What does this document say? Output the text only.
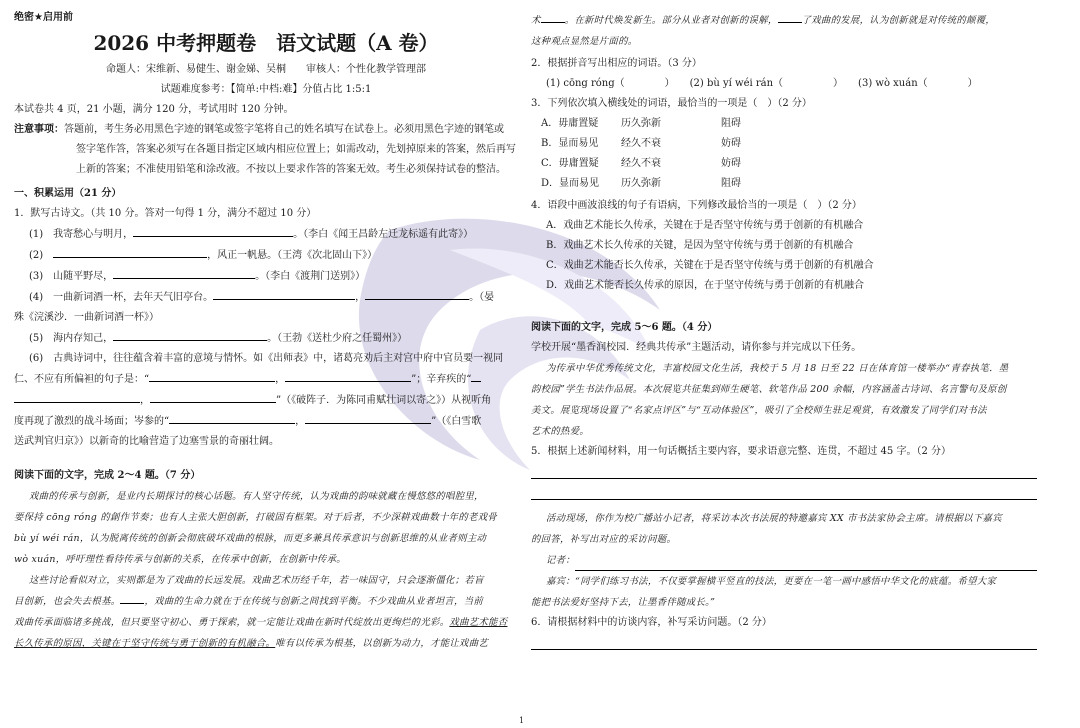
绝密★启用前
2026 中考押题卷　语文试题（A 卷）
命题人：宋维新、易健生、谢金娣、吴桐　　审核人：个性化教学管理部
试题难度参考：【简单:中档:难】分值占比 1:5:1
本试卷共 4 页，21 小题，满分 120 分，考试用时 120 分钟。
注意事项：答题前，考生务必用黑色字迹的钢笔或签字笔将自己的姓名填写在试卷上。必须用黑色字迹的钢笔或
签字笔作答，答案必须写在各题目指定区域内相应位置上；如需改动，先划掉原来的答案，然后再写
上新的答案；不准使用铅笔和涂改液。不按以上要求作答的答案无效。考生必须保持试卷的整洁。
一、积累运用（21 分）
1．默写古诗文。（共 10 分。答对一句得 1 分，满分不超过 10 分）
(1)　我寄愁心与明月，	。（李白《闻王昌龄左迁龙标遥有此寄》）
(2)　	，风正一帆悬。（王湾《次北固山下》）
(3)　山随平野尽，	。（李白《渡荆门送别》）
(4)　一曲新词酒一杯，去年天气旧亭台。	，	。（晏
殊《浣溪沙．一曲新词酒一杯》）
(5)　海内存知己，	。（王勃《送杜少府之任蜀州》）
(6)　古典诗词中，往往蕴含着丰富的意境与情怀。如《出师表》中，诸葛亮劝后主对宫中府中官员要一视同
仁、不应有所偏袒的句子是：“	，	”；辛弃疾的“
，	”（《破阵子．为陈同甫赋壮词以寄之》）从视听角
度再现了激烈的战斗场面；岑参的“	，	”（《白雪歌
送武判官归京》）以新奇的比喻营造了边塞雪景的奇丽壮阔。
阅读下面的文字，完成 2～4 题。（7 分）
戏曲的传承与创新，是业内长期探讨的核心话题。有人坚守传统，认为戏曲的韵味就藏在慢悠悠的唱腔里，
要保持 cōng róng 的創作节奏；也有人主张大胆创新，打破固有框架。对于后者，不少深耕戏曲数十年的老戏骨
bù yí wéi rán，认为脱离传统的创新会彻底破坏戏曲的根脉，而更多兼具传承意识与创新思维的从业者则主动
wò xuán，呼吁理性看待传承与创新的关系，在传承中创新，在创新中传承。
这些讨论看似对立，实则都是为了戏曲的长远发展。戏曲艺术历经千年，若一味固守，只会逐渐僵化；若盲
目创新，也会失去根基。	，戏曲的生命力就在于在传统与创新之间找到平衡。不少戏曲从业者坦言，当前
戏曲传承面临诸多挑战，但只要坚守初心、勇于探索，就一定能让戏曲在新时代绽放出更绚烂的光彩。戏曲艺术能否
长久传承的原因，关键在于坚守传统与勇于创新的有机融合。唯有以传承为根基，以创新为动力，才能让戏曲艺
术	。在新时代焕发新生。部分从业者对创新的误解，	了戏曲的发展，认为创新就是对传统的颠覆，
这种观点显然是片面的。
2．根据拼音写出相应的词语。（3 分）
(1) cōng róng（　　　　）　　(2) bù yí wéi rán（　　　　　）　　(3) wò xuán（　　　　）
3．下列依次填入横线处的词语，最恰当的一项是（　）（2 分）
A．毋庸置疑	历久弥新	阻碍
B．显而易见	经久不衰	妨碍
C．毋庸置疑	经久不衰	妨碍
D．显而易见	历久弥新	阻碍
4．语段中画波浪线的句子有语病，下列修改最恰当的一项是（　）（2 分）
A．戏曲艺术能长久传承，关键在于是否坚守传统与勇于创新的有机融合
B．戏曲艺术长久传承的关键，是因为坚守传统与勇于创新的有机融合
C．戏曲艺术能否长久传承，关键在于是否坚守传统与勇于创新的有机融合
D．戏曲艺术能否长久传承的原因，在于坚守传统与勇于创新的有机融合
阅读下面的文字，完成 5～6 题。（4 分）
学校开展“墨香润校园．经典共传承”主题活动，请你参与并完成以下任务。
为传承中华优秀传统文化，丰富校园文化生活，我校于 5 月 18 日至 22 日在体育馆一楼举办“青春执笔．墨
韵校园”学生书法作品展。本次展览共征集到师生硬笔、软笔作品 200 余幅，内容涵盖古诗词、名言警句及原创
美文。展览现场设置了“名家点评区”与“互动体验区”，吸引了全校师生驻足观赏，有效激发了同学们对书法
艺术的热爱。
5．根据上述新闻材料，用一句话概括主要内容，要求语意完整、连贯，不超过 45 字。（2 分）
活动现场，你作为校广播站小记者，将采访本次书法展的特邀嘉宾 XX 市书法家协会主席。请根据以下嘉宾
的回答，补写出对应的采访问题。
记者：
嘉宾：“同学们练习书法，不仅要掌握横平竖直的技法，更要在一笔一画中感悟中华文化的底蕴。希望大家
能把书法爱好坚持下去，让墨香伴随成长。”
6．请根据材料中的访谈内容，补写采访问题。（2 分）
1
